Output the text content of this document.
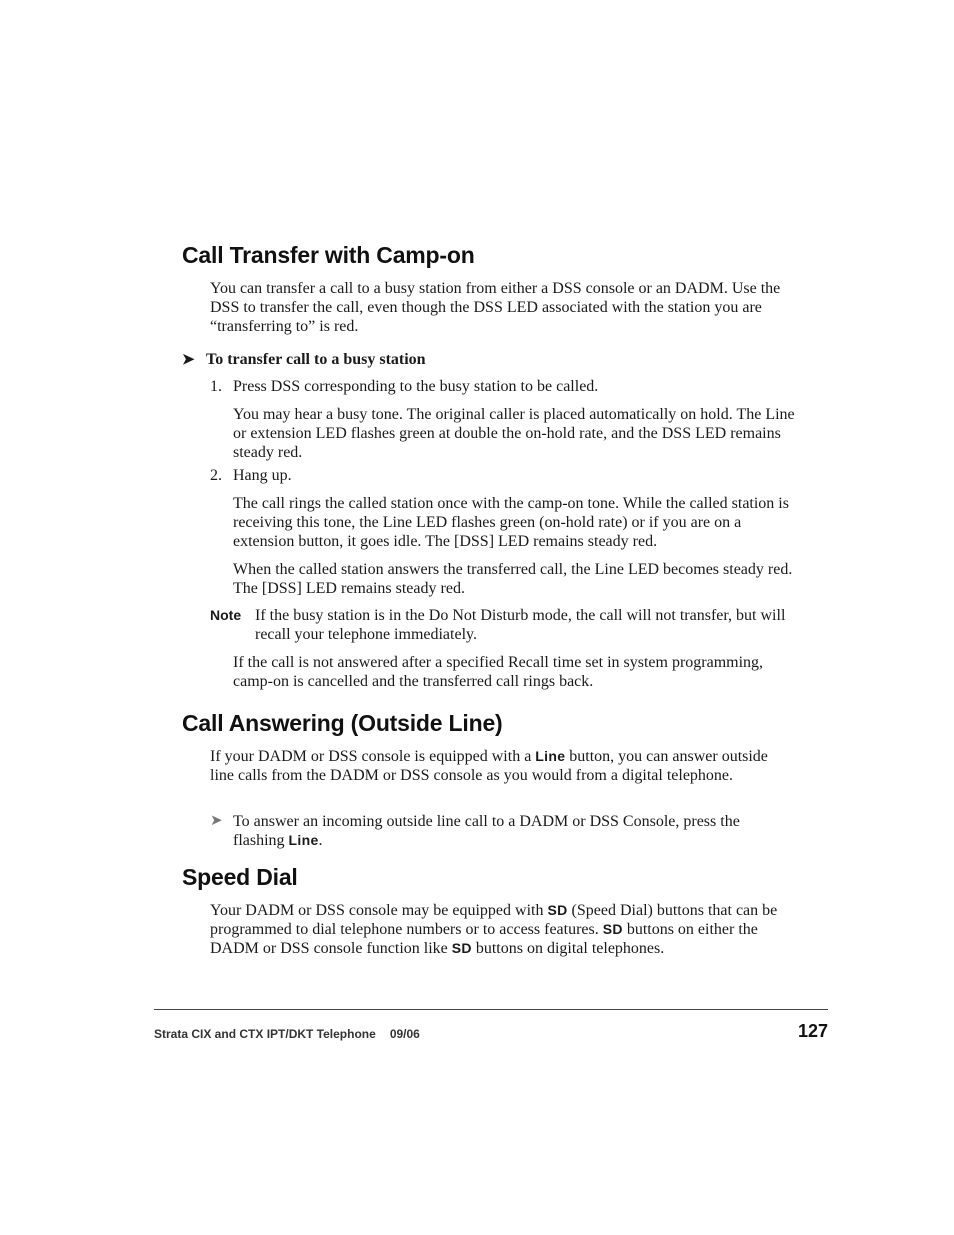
Call Transfer with Camp-on

You can transfer a call to a busy station from either a DSS console or an DADM. Use the DSS to transfer the call, even though the DSS LED associated with the station you are “transferring to” is red.

➤ To transfer call to a busy station
1. Press DSS corresponding to the busy station to be called.

You may hear a busy tone. The original caller is placed automatically on hold. The Line or extension LED flashes green at double the on-hold rate, and the DSS LED remains steady red.

2. Hang up.

The call rings the called station once with the camp-on tone. While the called station is receiving this tone, the Line LED flashes green (on-hold rate) or if you are on a extension button, it goes idle. The [DSS] LED remains steady red.

When the called station answers the transferred call, the Line LED becomes steady red. The [DSS] LED remains steady red.

Note If the busy station is in the Do Not Disturb mode, the call will not transfer, but will recall your telephone immediately.

If the call is not answered after a specified Recall time set in system programming, camp-on is cancelled and the transferred call rings back.

Call Answering (Outside Line)

If your DADM or DSS console is equipped with a Line button, you can answer outside line calls from the DADM or DSS console as you would from a digital telephone.

➤ To answer an incoming outside line call to a DADM or DSS Console, press the flashing Line.

Speed Dial

Your DADM or DSS console may be equipped with SD (Speed Dial) buttons that can be programmed to dial telephone numbers or to access features. SD buttons on either the DADM or DSS console function like SD buttons on digital telephones.

Strata CIX and CTX IPT/DKT Telephone 09/06	127
